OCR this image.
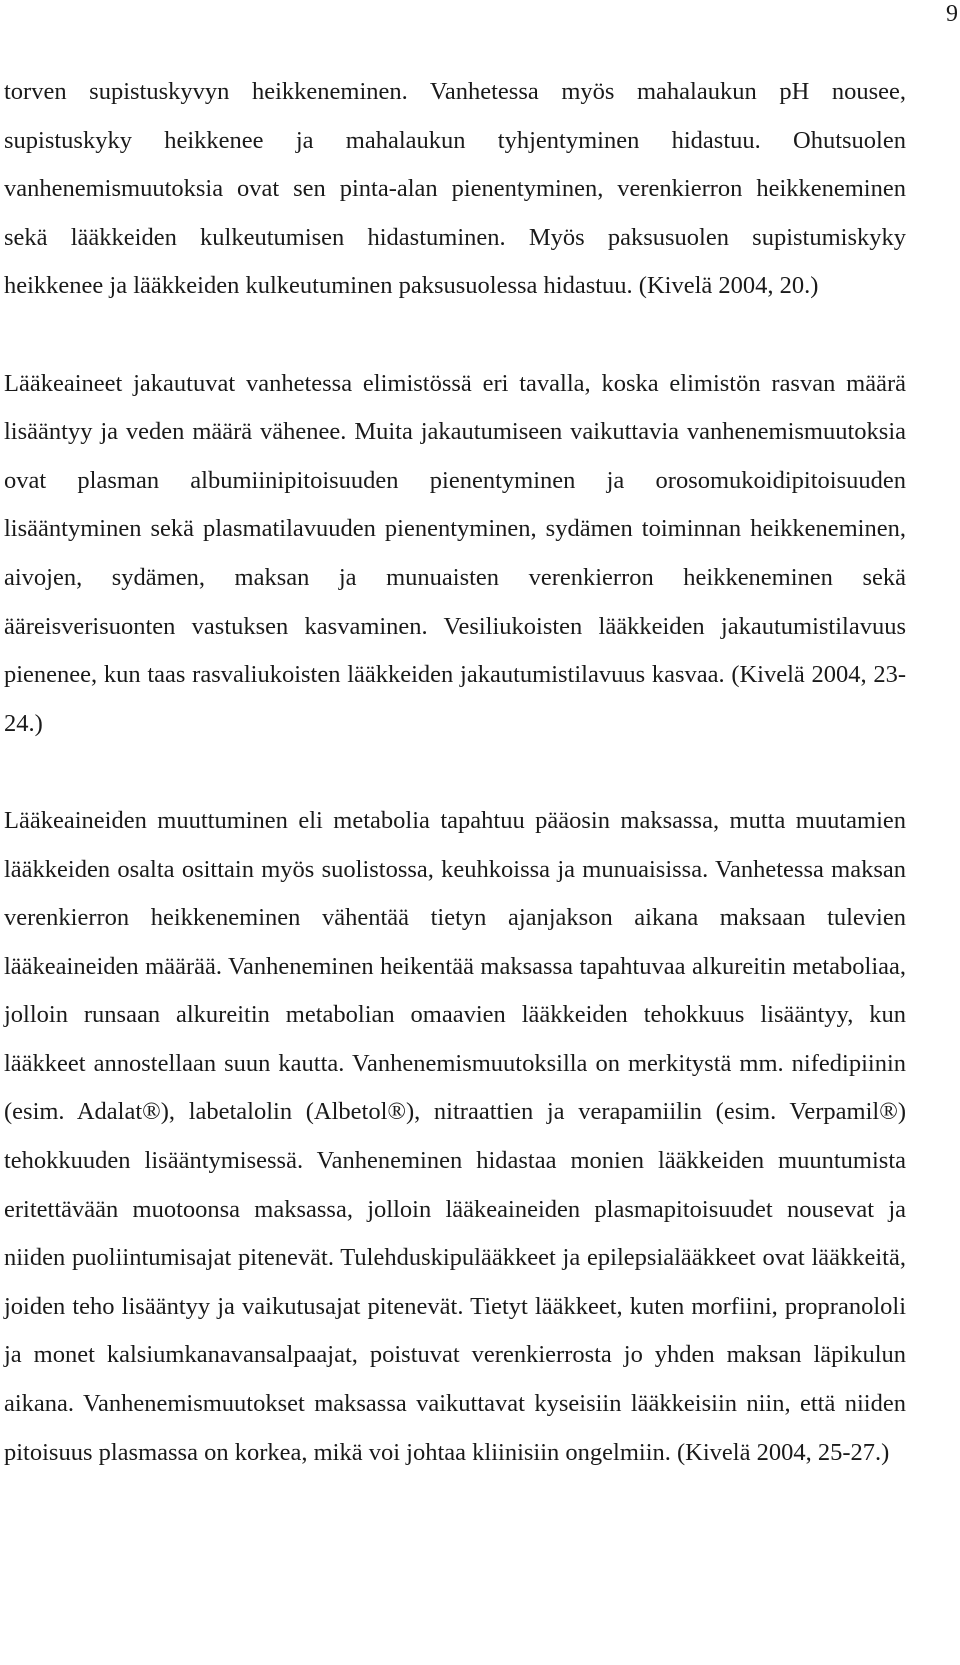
9

torven supistuskyvyn heikkeneminen. Vanhetessa myös mahalaukun pH nousee, supistuskyky heikkenee ja mahalaukun tyhjentyminen hidastuu. Ohutsuolen vanhenemismuutoksia ovat sen pinta-alan pienentyminen, verenkierron heikkeneminen sekä lääkkeiden kulkeutumisen hidastuminen. Myös paksusuolen supistumiskyky heikkenee ja lääkkeiden kulkeutuminen paksusuolessa hidastuu. (Kivelä 2004, 20.)

Lääkeaineet jakautuvat vanhetessa elimistössä eri tavalla, koska elimistön rasvan määrä lisääntyy ja veden määrä vähenee. Muita jakautumiseen vaikuttavia vanhenemismuutoksia ovat plasman albumiinipitoisuuden pienentyminen ja orosomukoidipitoisuuden lisääntyminen sekä plasmatilavuuden pienentyminen, sydämen toiminnan heikkeneminen, aivojen, sydämen, maksan ja munuaisten verenkierron heikkeneminen sekä ääreisverisuonten vastuksen kasvaminen. Vesiliukoisten lääkkeiden jakautumistilavuus pienenee, kun taas rasvaliukoisten lääkkeiden jakautumistilavuus kasvaa. (Kivelä 2004, 23-24.)

Lääkeaineiden muuttuminen eli metabolia tapahtuu pääosin maksassa, mutta muutamien lääkkeiden osalta osittain myös suolistossa, keuhkoissa ja munuaisissa. Vanhetessa maksan verenkierron heikkeneminen vähentää tietyn ajanjakson aikana maksaan tulevien lääkeaineiden määrää. Vanheneminen heikentää maksassa tapahtuvaa alkureitin metaboliaa, jolloin runsaan alkureitin metabolian omaavien lääkkeiden tehokkuus lisääntyy, kun lääkkeet annostellaan suun kautta. Vanhenemismuutoksilla on merkitystä mm. nifedipiinin (esim. Adalat®), labetalolin (Albetol®), nitraattien ja verapamiilin (esim. Verpamil®) tehokkuuden lisääntymisessä. Vanheneminen hidastaa monien lääkkeiden muuntumista eritettävään muotoonsa maksassa, jolloin lääkeaineiden plasmapitoisuudet nousevat ja niiden puoliintumisajat pitenevät. Tulehduskipulääkkeet ja epilepsialääkkeet ovat lääkkeitä, joiden teho lisääntyy ja vaikutusajat pitenevät. Tietyt lääkkeet, kuten morfiini, propranololi ja monet kalsiumkanavansalpaajat, poistuvat verenkierrosta jo yhden maksan läpikulun aikana. Vanhenemismuutokset maksassa vaikuttavat kyseisiin lääkkeisiin niin, että niiden pitoisuus plasmassa on korkea, mikä voi johtaa kliinisiin ongelmiin. (Kivelä 2004, 25-27.)
